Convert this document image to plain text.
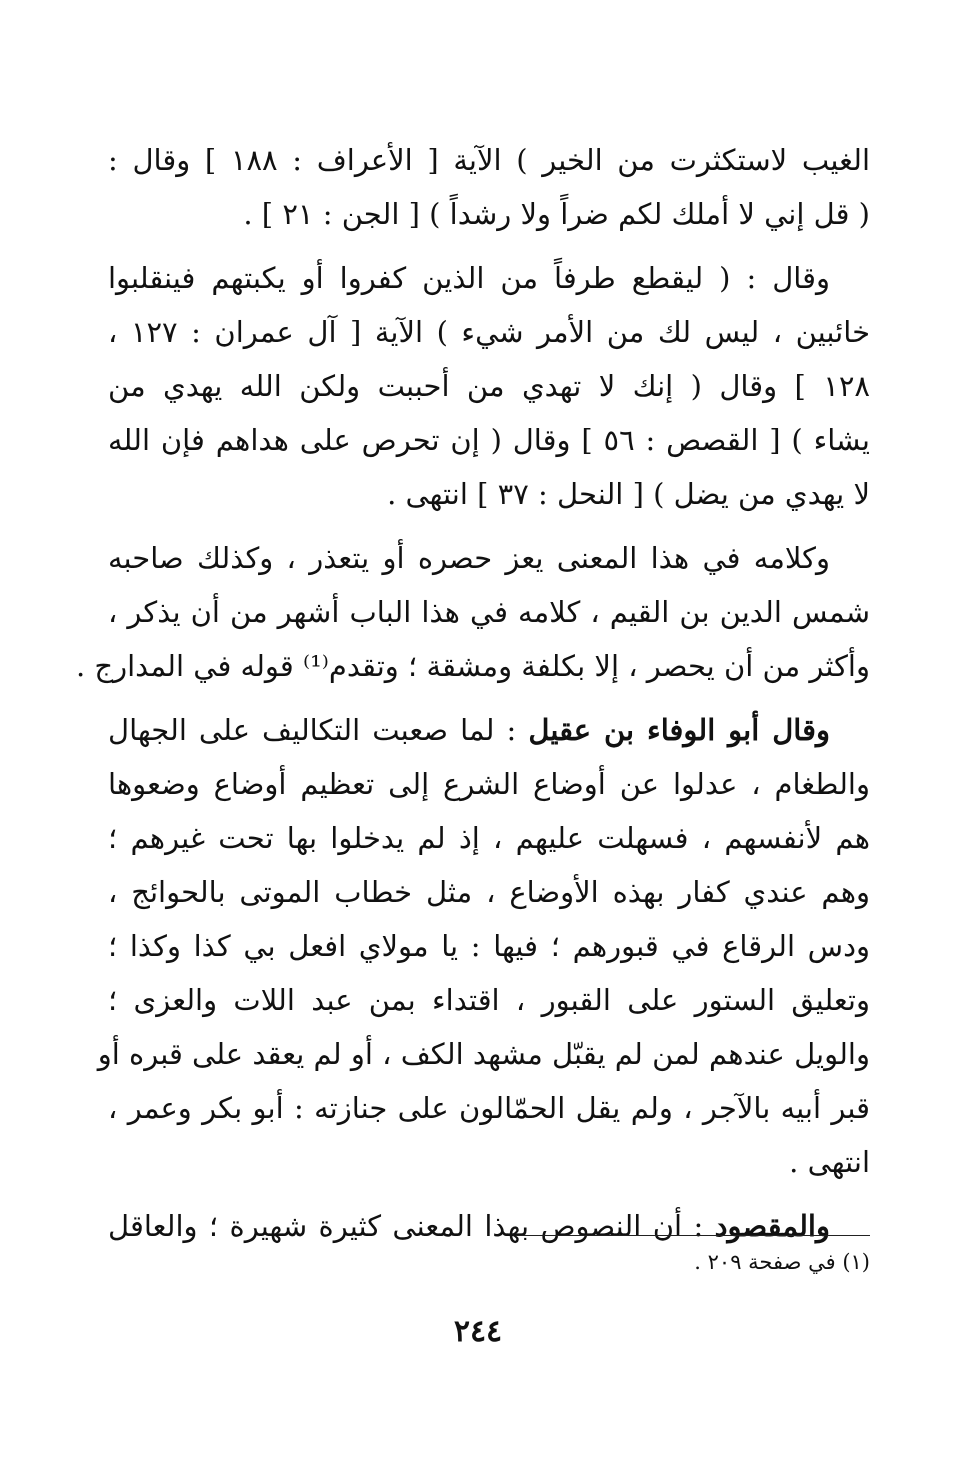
الغيب لاستكثرت من الخير ) الآية [ الأعراف : ١٨٨ ] وقال :
( قل إني لا أملك لكم ضراً ولا رشداً ) [ الجن : ٢١ ] .
وقال : ( ليقطع طرفاً من الذين كفروا أو يكبتهم فينقلبوا
خائبين ، ليس لك من الأمر شيء ) الآية [ آل عمران : ١٢٧ ،
١٢٨ ] وقال ( إنك لا تهدي من أحببت ولكن الله يهدي من
يشاء ) [ القصص : ٥٦ ] وقال ( إن تحرص على هداهم فإن الله
لا يهدي من يضل ) [ النحل : ٣٧ ] انتهى .
وكلامه في هذا المعنى يعز حصره أو يتعذر ، وكذلك صاحبه
شمس الدين بن القيم ، كلامه في هذا الباب أشهر من أن يذكر ،
وأكثر من أن يحصر ، إلا بكلفة ومشقة ؛ وتقدم⁽¹⁾ قوله في المدارج .
وقال أبو الوفاء بن عقيل : لما صعبت التكاليف على الجهال
والطغام ، عدلوا عن أوضاع الشرع إلى تعظيم أوضاع وضعوها
هم لأنفسهم ، فسهلت عليهم ، إذ لم يدخلوا بها تحت غيرهم ؛
وهم عندي كفار بهذه الأوضاع ، مثل خطاب الموتى بالحوائج ،
ودس الرقاع في قبورهم ؛ فيها : يا مولاي افعل بي كذا وكذا ؛
وتعليق الستور على القبور ، اقتداء بمن عبد اللات والعزى ؛
والويل عندهم لمن لم يقبّل مشهد الكف ، أو لم يعقد على قبره أو
قبر أبيه بالآجر ، ولم يقل الحمّالون على جنازته : أبو بكر وعمر ،
انتهى .
والمقصود : أن النصوص بهذا المعنى كثيرة شهيرة ؛ والعاقل
(١) في صفحة ٢٠٩ .
٢٤٤
